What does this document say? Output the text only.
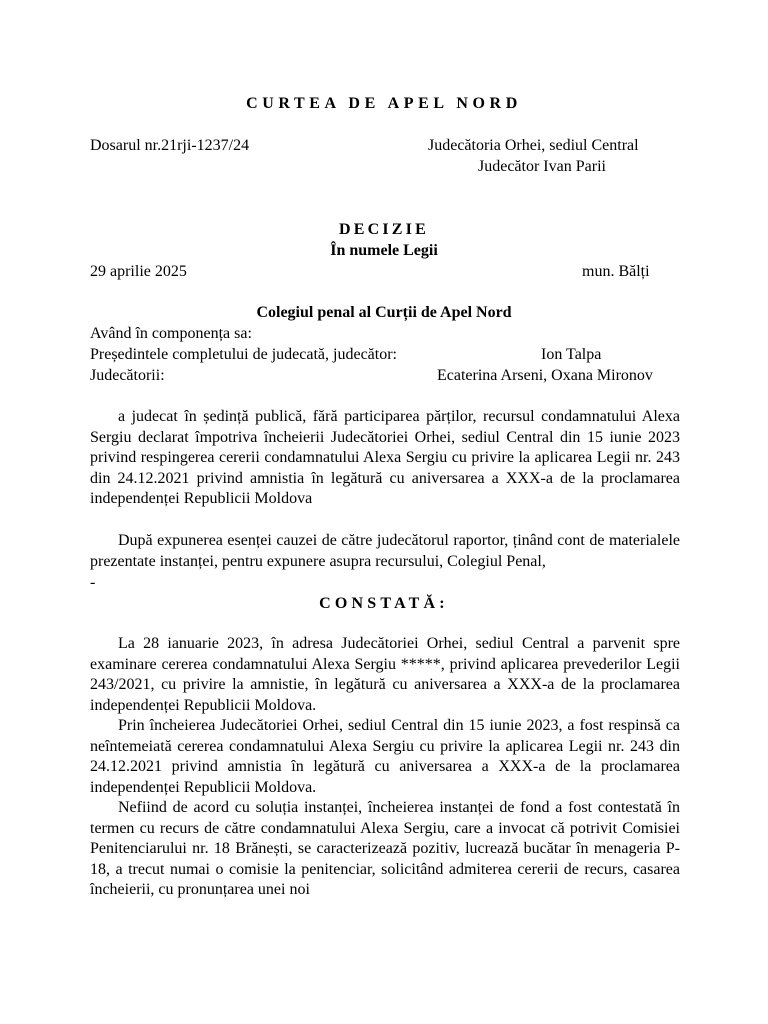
CURTEA DE APEL NORD
Dosarul nr.21rji-1237/24	Judecătoria Orhei, sediul Central
Judecător Ivan Parii
DECIZIE
În numele Legii
29 aprilie 2025	mun. Bălți
Colegiul penal al Curții de Apel Nord
Având în componența sa:
Președintele completului de judecată, judecător:	Ion Talpa
Judecătorii:	Ecaterina Arseni, Oxana Mironov

a judecat în ședință publică, fără participarea părților, recursul condamnatului Alexa Sergiu declarat împotriva încheierii Judecătoriei Orhei, sediul Central din 15 iunie 2023 privind respingerea cererii condamnatului Alexa Sergiu cu privire la aplicarea Legii nr. 243 din 24.12.2021 privind amnistia în legătură cu aniversarea a XXX-a de la proclamarea independenței Republicii Moldova

După expunerea esenței cauzei de către judecătorul raportor, ținând cont de materialele prezentate instanței, pentru expunere asupra recursului, Colegiul Penal,

-
CONSTATĂ:

La 28 ianuarie 2023, în adresa Judecătoriei Orhei, sediul Central a parvenit spre examinare cererea condamnatului Alexa Sergiu *****, privind aplicarea prevederilor Legii 243/2021, cu privire la amnistie, în legătură cu aniversarea a XXX-a de la proclamarea independenței Republicii Moldova.

Prin încheierea Judecătoriei Orhei, sediul Central din 15 iunie 2023, a fost respinsă ca neîntemeiată cererea condamnatului Alexa Sergiu cu privire la aplicarea Legii nr. 243 din 24.12.2021 privind amnistia în legătură cu aniversarea a XXX-a de la proclamarea independenței Republicii Moldova.

Nefiind de acord cu soluția instanței, încheierea instanței de fond a fost contestată în termen cu recurs de către condamnatului Alexa Sergiu, care a invocat că potrivit Comisiei Penitenciarului nr. 18 Brănești, se caracterizează pozitiv, lucrează bucătar în menageria P-18, a trecut numai o comisie la penitenciar, solicitând admiterea cererii de recurs, casarea încheierii, cu pronunțarea unei noi
